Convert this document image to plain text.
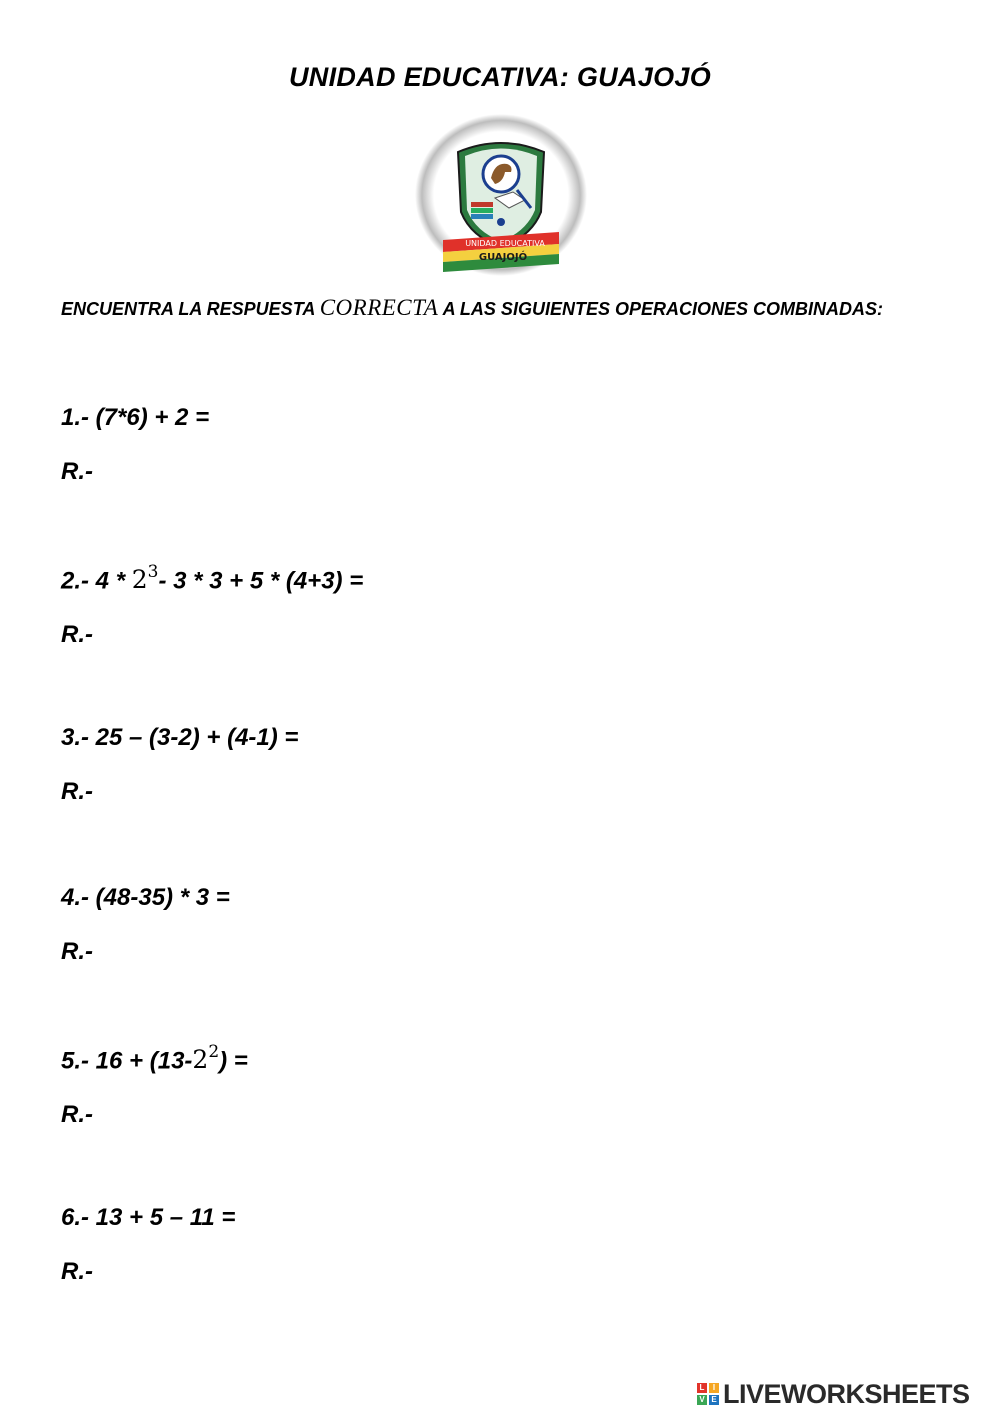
UNIDAD EDUCATIVA: GUAJOJÓ
UNIDAD EDUCATIVA
GUAJOJÓ
ENCUENTRA LA RESPUESTA CORRECTA A LAS SIGUIENTES OPERACIONES COMBINADAS:
1.- (7*6) + 2 =
R.-
2.- $4 * 2^3-$ 3 * 3 + 5 * (4+3) =
R.-
3.- 25 – (3-2) + (4-1) =
R.-
4.- (48-35) * 3 =
R.-
5.- $16 + (13-2^2)$ =
R.-
6.- 13 + 5 – 11 =
R.-
L	I
V E LIVEWORKSHEETS
